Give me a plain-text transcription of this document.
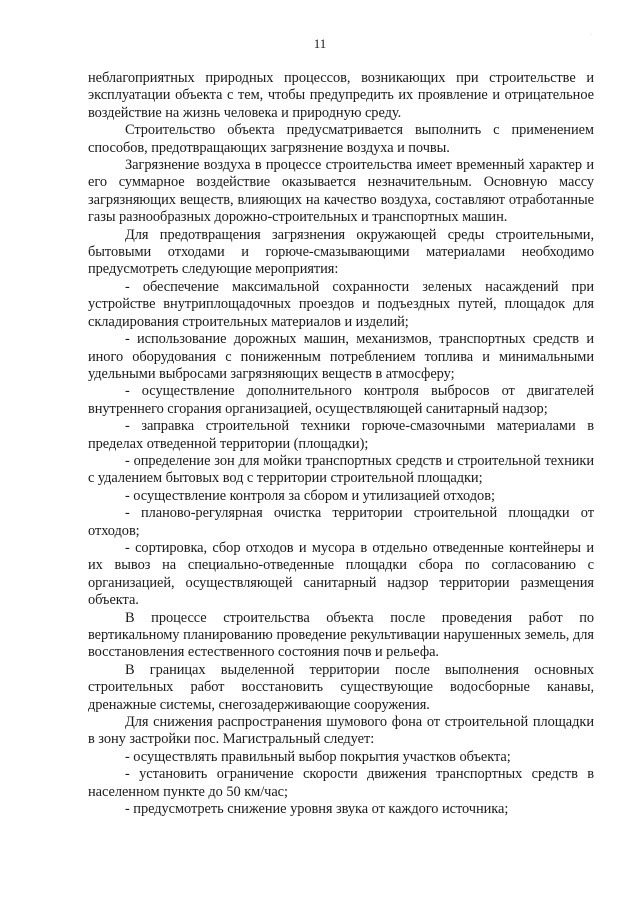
11
·

неблагоприятных природных процессов, возникающих при строительстве и эксплуатации объекта с тем, чтобы предупредить их проявление и отрицательное воздействие на жизнь человека и природную среду.

Строительство объекта предусматривается выполнить с применением способов, предотвращающих загрязнение воздуха и почвы.

Загрязнение воздуха в процессе строительства имеет временный характер и его суммарное воздействие оказывается незначительным. Основную массу загрязняющих веществ, влияющих на качество воздуха, составляют отработанные газы разнообразных дорожно-строительных и транспортных машин.

Для предотвращения загрязнения окружающей среды строительными, бытовыми отходами и горюче-смазывающими материалами необходимо предусмотреть следующие мероприятия:

- обеспечение максимальной сохранности зеленых насаждений при устройстве внутриплощадочных проездов и подъездных путей, площадок для складирования строительных материалов и изделий;

- использование дорожных машин, механизмов, транспортных средств и иного оборудования с пониженным потреблением топлива и минимальными удельными выбросами загрязняющих веществ в атмосферу;

- осуществление дополнительного контроля выбросов от двигателей внутреннего сгорания организацией, осуществляющей санитарный надзор;

- заправка строительной техники горюче-смазочными материалами в пределах отведенной территории (площадки);

- определение зон для мойки транспортных средств и строительной техники с удалением бытовых вод с территории строительной площадки;

- осуществление контроля за сбором и утилизацией отходов;

- планово-регулярная очистка территории строительной площадки от отходов;

- сортировка, сбор отходов и мусора в отдельно отведенные контейнеры и их вывоз на специально-отведенные площадки сбора по согласованию с организацией, осуществляющей санитарный надзор территории размещения объекта.

В процессе строительства объекта после проведения работ по вертикальному планированию проведение рекультивации нарушенных земель, для восстановления естественного состояния почв и рельефа.

В границах выделенной территории после выполнения основных строительных работ восстановить существующие водосборные канавы, дренажные системы, снегозадерживающие сооружения.

Для снижения распространения шумового фона от строительной площадки в зону застройки пос. Магистральный следует:

- осуществлять правильный выбор покрытия участков объекта;

- установить ограничение скорости движения транспортных средств в населенном пункте до 50 км/час;

- предусмотреть снижение уровня звука от каждого источника;
